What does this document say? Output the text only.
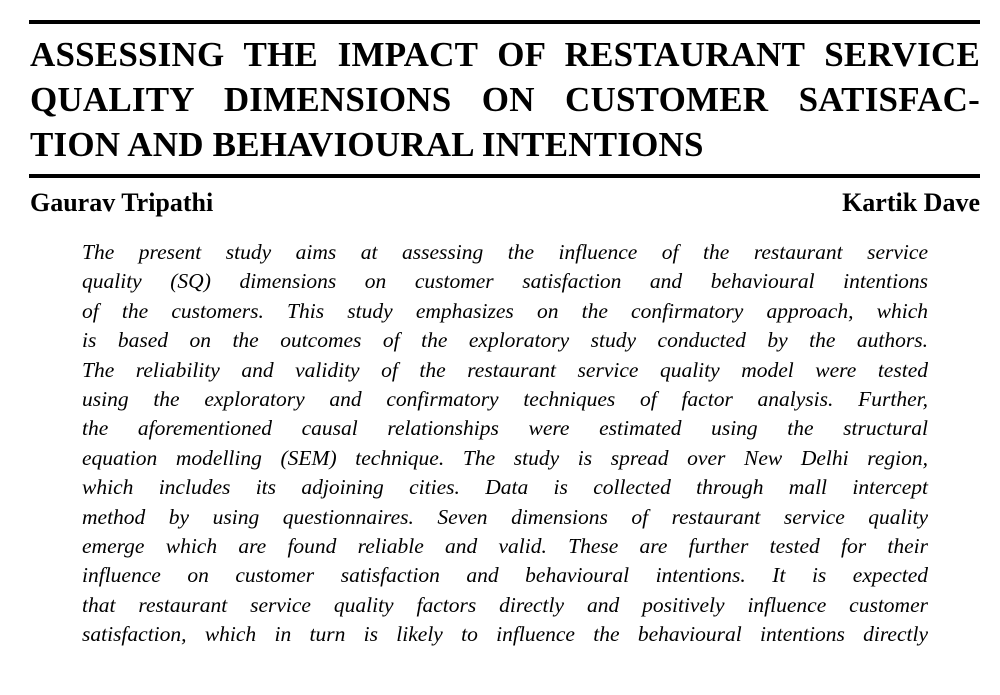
ASSESSING THE IMPACT OF RESTAURANT SERVICE
QUALITY DIMENSIONS ON CUSTOMER SATISFAC-
TION AND BEHAVIOURAL INTENTIONS
Gaurav Tripathi	Kartik Dave
The present study aims at assessing the influence of the restaurant service
quality (SQ) dimensions on customer satisfaction and behavioural intentions
of the customers. This study emphasizes on the confirmatory approach, which
is based on the outcomes of the exploratory study conducted by the authors.
The reliability and validity of the restaurant service quality model were tested
using the exploratory and confirmatory techniques of factor analysis. Further,
the aforementioned causal relationships were estimated using the structural
equation modelling (SEM) technique. The study is spread over New Delhi region,
which includes its adjoining cities. Data is collected through mall intercept
method by using questionnaires. Seven dimensions of restaurant service quality
emerge which are found reliable and valid. These are further tested for their
influence on customer satisfaction and behavioural intentions. It is expected
that restaurant service quality factors directly and positively influence customer
satisfaction, which in turn is likely to influence the behavioural intentions directly
